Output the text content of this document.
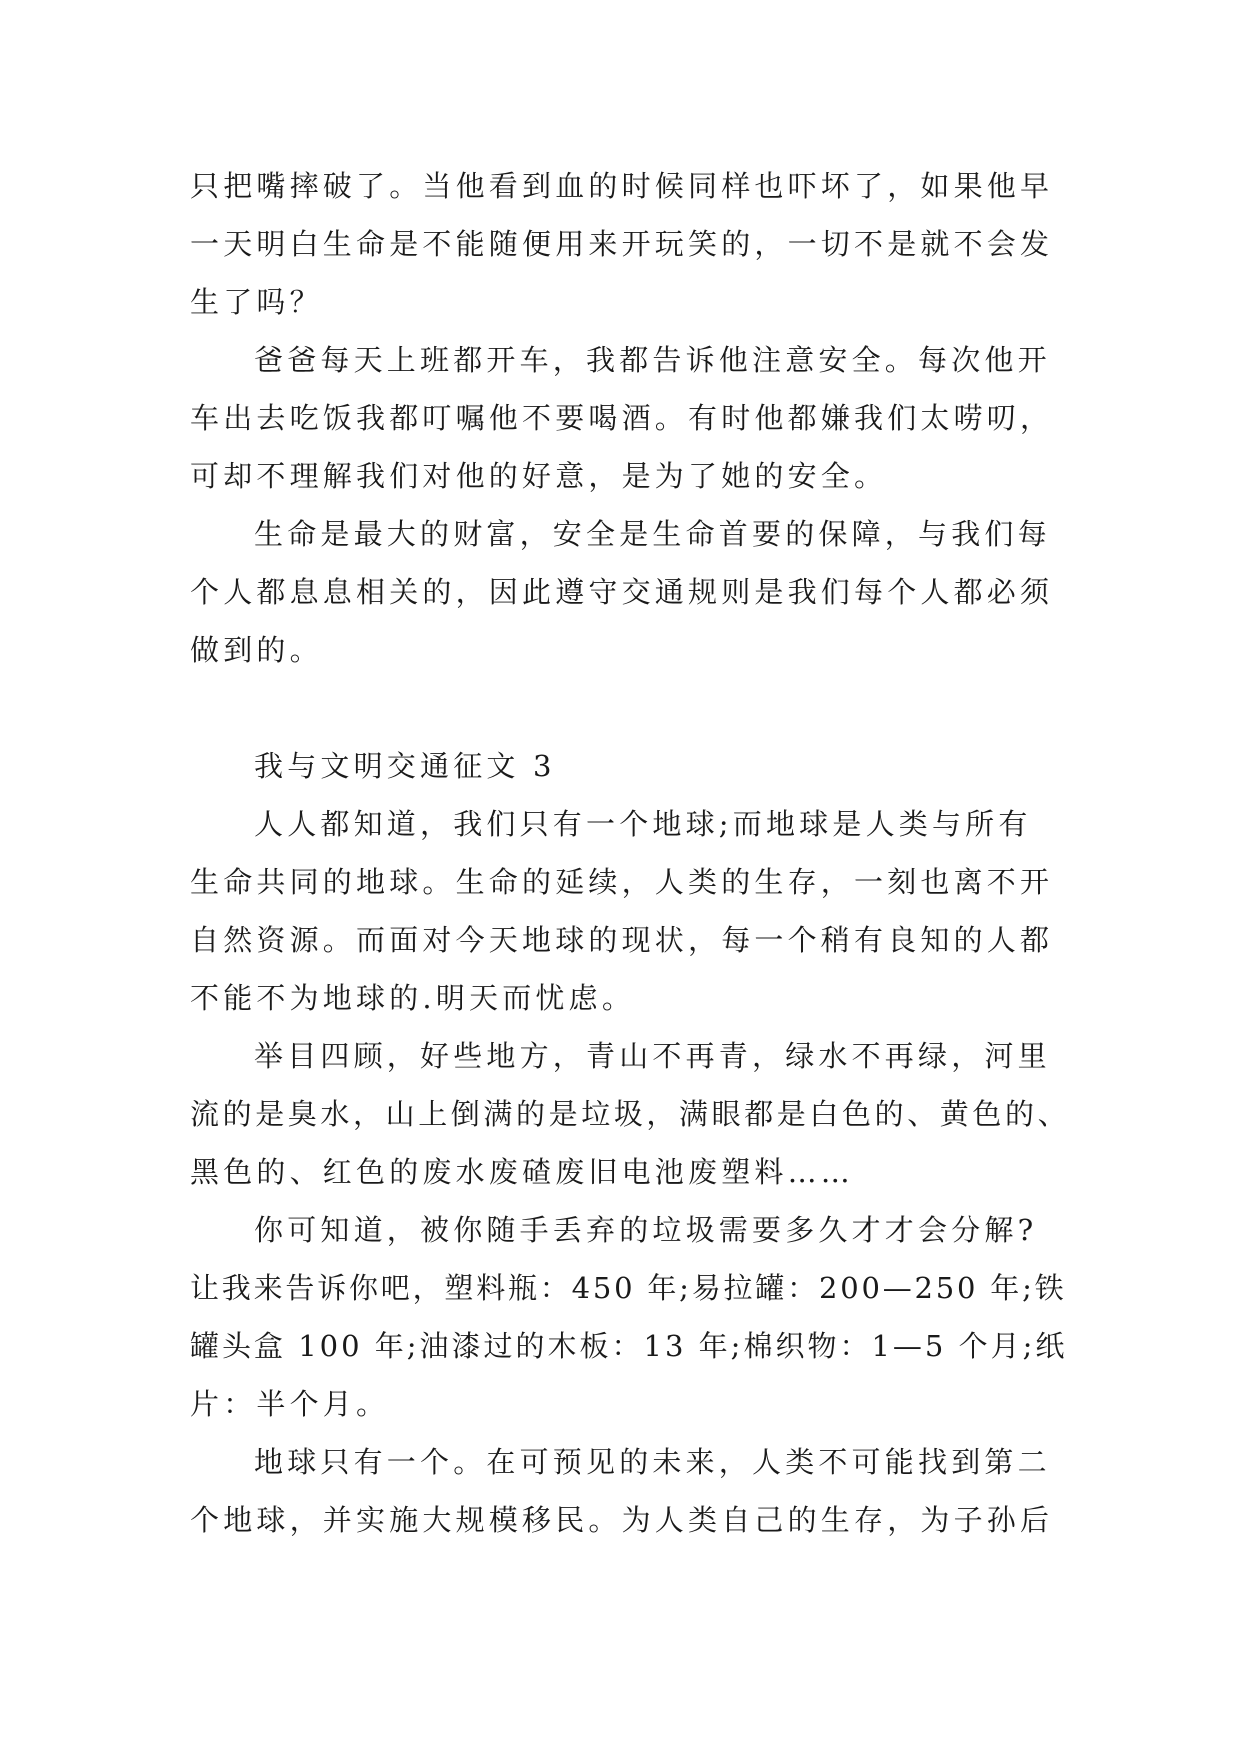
只把嘴摔破了。当他看到血的时候同样也吓坏了，如果他早
一天明白生命是不能随便用来开玩笑的，一切不是就不会发
生了吗？
爸爸每天上班都开车，我都告诉他注意安全。每次他开
车出去吃饭我都叮嘱他不要喝酒。有时他都嫌我们太唠叨，
可却不理解我们对他的好意，是为了她的安全。
生命是最大的财富，安全是生命首要的保障，与我们每
个人都息息相关的，因此遵守交通规则是我们每个人都必须
做到的。
我与文明交通征文 3
人人都知道，我们只有一个地球;而地球是人类与所有
生命共同的地球。生命的延续，人类的生存，一刻也离不开
自然资源。而面对今天地球的现状，每一个稍有良知的人都
不能不为地球的.明天而忧虑。
举目四顾，好些地方，青山不再青，绿水不再绿，河里
流的是臭水，山上倒满的是垃圾，满眼都是白色的、黄色的、
黑色的、红色的废水废碴废旧电池废塑料……
你可知道，被你随手丢弃的垃圾需要多久才才会分解?
让我来告诉你吧，塑料瓶：450 年;易拉罐：200—250 年;铁
罐头盒 100 年;油漆过的木板：13 年;棉织物：1—5 个月;纸
片：半个月。
地球只有一个。在可预见的未来，人类不可能找到第二
个地球，并实施大规模移民。为人类自己的生存，为子孙后
